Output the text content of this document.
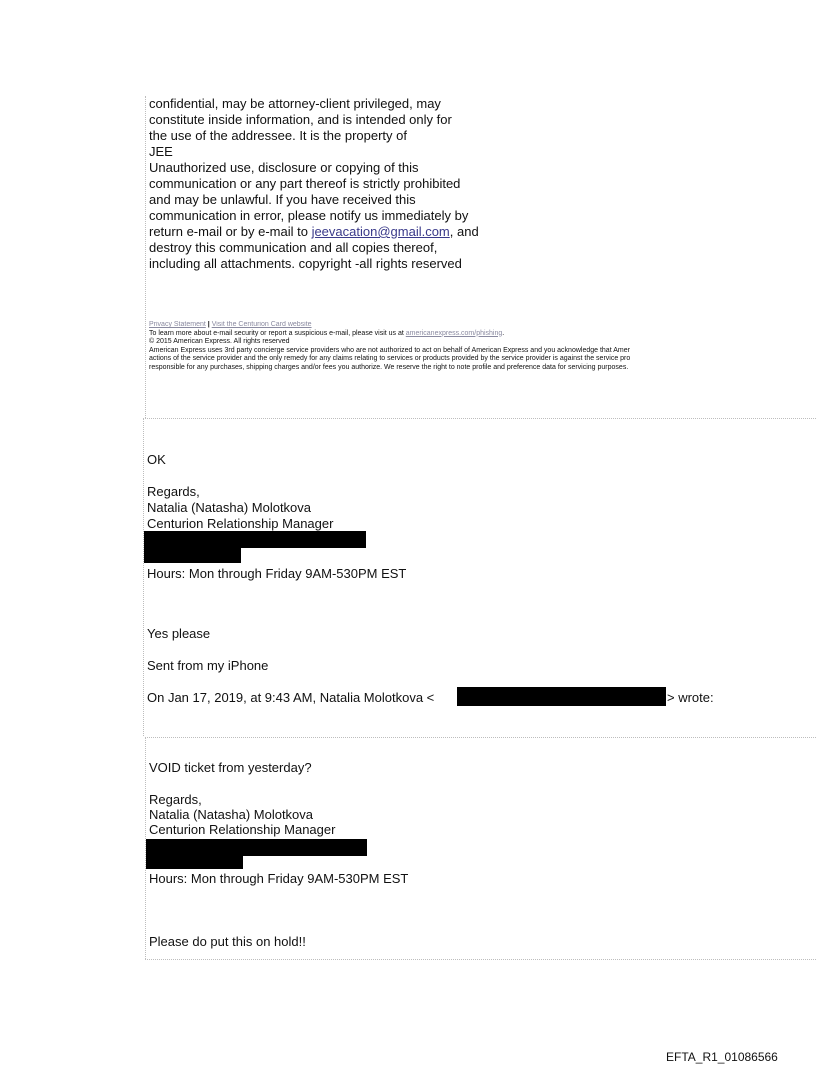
confidential, may be attorney-client privileged, may
constitute inside information, and is intended only for
the use of the addressee. It is the property of
JEE
Unauthorized use, disclosure or copying of this
communication or any part thereof is strictly prohibited
and may be unlawful. If you have received this
communication in error, please notify us immediately by
return e-mail or by e-mail to jeevacation@gmail.com, and
destroy this communication and all copies thereof,
including all attachments. copyright -all rights reserved
Privacy Statement | Visit the Centurion Card website
To learn more about e-mail security or report a suspicious e-mail, please visit us at americanexpress.com/phishing.
© 2015 American Express. All rights reserved
American Express uses 3rd party concierge service providers who are not authorized to act on behalf of American Express and you acknowledge that Amer
actions of the service provider and the only remedy for any claims relating to services or products provided by the service provider is against the service pro
responsible for any purchases, shipping charges and/or fees you authorize. We reserve the right to note profile and preference data for servicing purposes.
OK
Regards,
Natalia (Natasha) Molotkova
Centurion Relationship Manager
Hours: Mon through Friday 9AM-530PM EST
Yes please
Sent from my iPhone
On Jan 17, 2019, at 9:43 AM, Natalia Molotkova <	> wrote:
VOID ticket from yesterday?
Regards,
Natalia (Natasha) Molotkova
Centurion Relationship Manager
Hours: Mon through Friday 9AM-530PM EST
Please do put this on hold!!
EFTA_R1_01086566
